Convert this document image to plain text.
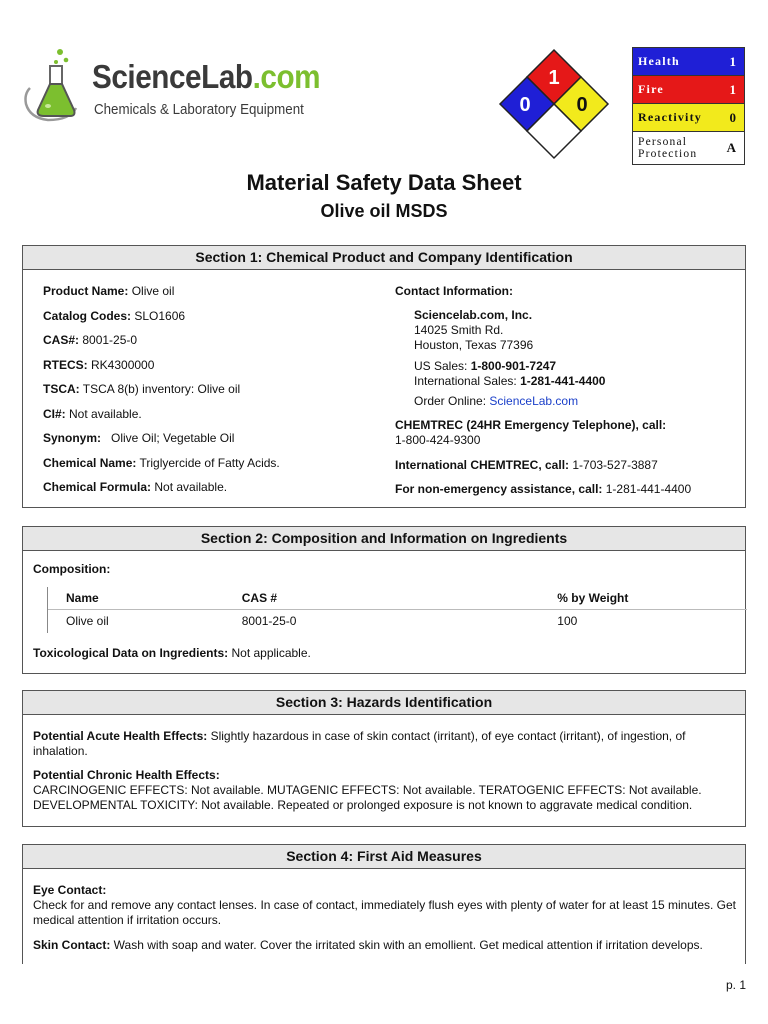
ScienceLab.com
Chemicals & Laboratory Equipment
1
0 0
Health	1
Fire	1
Reactivity 0
Personal
Protection A
Material Safety Data Sheet
Olive oil MSDS
Section 1: Chemical Product and Company Identification
Product Name: Olive oil
Catalog Codes: SLO1606
CAS#: 8001-25-0
RTECS: RK4300000
TSCA: TSCA 8(b) inventory: Olive oil
CI#: Not available.
Synonym:   Olive Oil; Vegetable Oil
Chemical Name: Triglyercide of Fatty Acids.
Chemical Formula: Not available.
Contact Information:
Sciencelab.com, Inc.
14025 Smith Rd.
Houston, Texas 77396
US Sales: 1-800-901-7247
International Sales: 1-281-441-4400
Order Online: ScienceLab.com
CHEMTREC (24HR Emergency Telephone), call:
1-800-424-9300
International CHEMTREC, call: 1-703-527-3887
For non-emergency assistance, call: 1-281-441-4400
Section 2: Composition and Information on Ingredients
Composition:
Name	CAS #	% by Weight
Olive oil	8001-25-0	100
Toxicological Data on Ingredients: Not applicable.
Section 3: Hazards Identification
Potential Acute Health Effects: Slightly hazardous in case of skin contact (irritant), of eye contact (irritant), of ingestion, of inhalation.
Potential Chronic Health Effects:
CARCINOGENIC EFFECTS: Not available. MUTAGENIC EFFECTS: Not available. TERATOGENIC EFFECTS: Not available. DEVELOPMENTAL TOXICITY: Not available. Repeated or prolonged exposure is not known to aggravate medical condition.
Section 4: First Aid Measures
Eye Contact:
Check for and remove any contact lenses. In case of contact, immediately flush eyes with plenty of water for at least 15 minutes. Get medical attention if irritation occurs.
Skin Contact: Wash with soap and water. Cover the irritated skin with an emollient. Get medical attention if irritation develops.
p. 1
